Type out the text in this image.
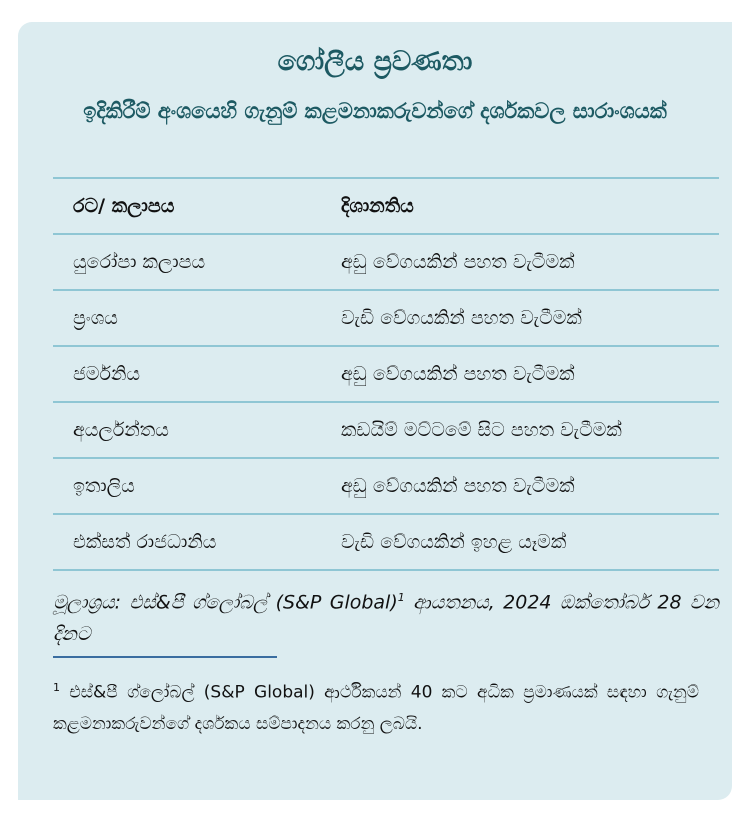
ගෝලීය ප්‍රවණතා
ඉදිකිරීම් අංශයෙහි ගැනුම් කළමනාකරුවන්ගේ දර්ශකවල සාරාංශයක්
රට/ කලාපය	දිශානතිය
යුරෝපා කලාපය	අඩු වේගයකින් පහත වැටීමක්
ප්‍රංශය	වැඩි වේගයකින් පහත වැටීමක්
ජර්මනිය	අඩු වේගයකින් පහත වැටීමක්
අයර්ලන්තය	කඩයිම් මට්ටමේ සිට පහත වැටීමක්
ඉතාලිය	අඩු වේගයකින් පහත වැටීමක්
එක්සත් රාජධානිය	වැඩි වේගයකින් ඉහළ යෑමක්
මූලාශ්‍රය: එස්&පී ග්ලෝබල් (S&P Global)$^1$ ආයතනය, 2024 ඔක්තෝබර් 28 වන දිනට
$^1$ එස්&පී ග්ලෝබල් (S&P Global) ආර්ථිකයන් 40 කට අධික ප්‍රමාණයක් සඳහා ගැනුම් කළමනාකරුවන්ගේ දර්ශකය සම්පාදනය කරනු ලබයි.
